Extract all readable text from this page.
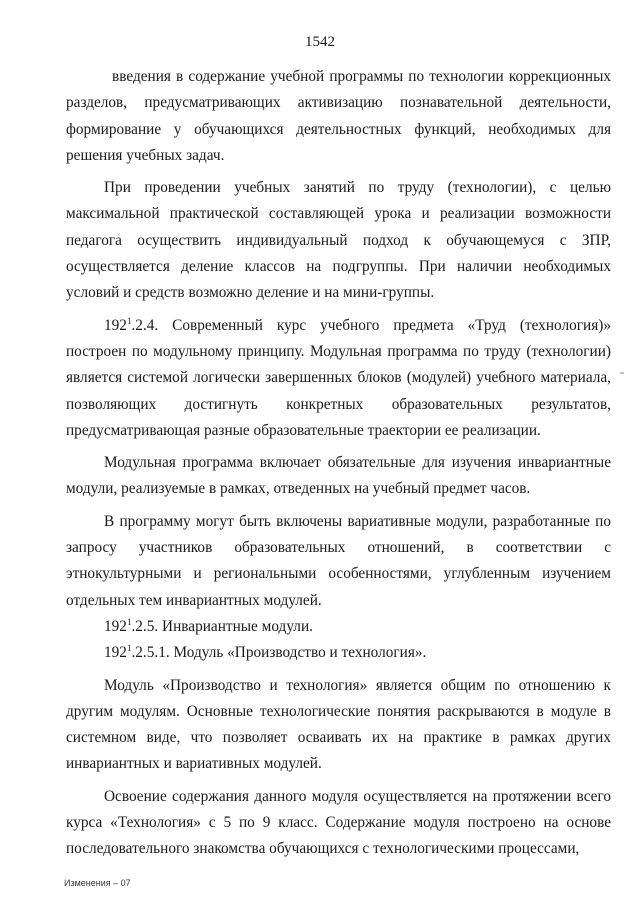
1542

введения в содержание учебной программы по технологии коррекционных разделов, предусматривающих активизацию познавательной деятельности, формирование у обучающихся деятельностных функций, необходимых для решения учебных задач.

При проведении учебных занятий по труду (технологии), с целью максимальной практической составляющей урока и реализации возможности педагога осуществить индивидуальный подход к обучающемуся с ЗПР, осуществляется деление классов на подгруппы. При наличии необходимых условий и средств возможно деление и на мини-группы.

$192^1.2.4$. Современный курс учебного предмета «Труд (технология)» построен по модульному принципу. Модульная программа по труду (технологии) является системой логически завершенных блоков (модулей) учебного материала, позволяющих достигнуть конкретных образовательных результатов, предусматривающая разные образовательные траектории ее реализации.

Модульная программа включает обязательные для изучения инвариантные модули, реализуемые в рамках, отведенных на учебный предмет часов.

В программу могут быть включены вариативные модули, разработанные по запросу участников образовательных отношений, в соответствии с этнокультурными и региональными особенностями, углубленным изучением отдельных тем инвариантных модулей.

$192^1.2.5$. Инвариантные модули.

$192^1.2.5.1$. Модуль «Производство и технология».

Модуль «Производство и технология» является общим по отношению к другим модулям. Основные технологические понятия раскрываются в модуле в системном виде, что позволяет осваивать их на практике в рамках других инвариантных и вариативных модулей.

Освоение содержания данного модуля осуществляется на протяжении всего курса «Технология» с 5 по 9 класс. Содержание модуля построено на основе последовательного знакомства обучающихся с технологическими процессами,

Изменения – 07
